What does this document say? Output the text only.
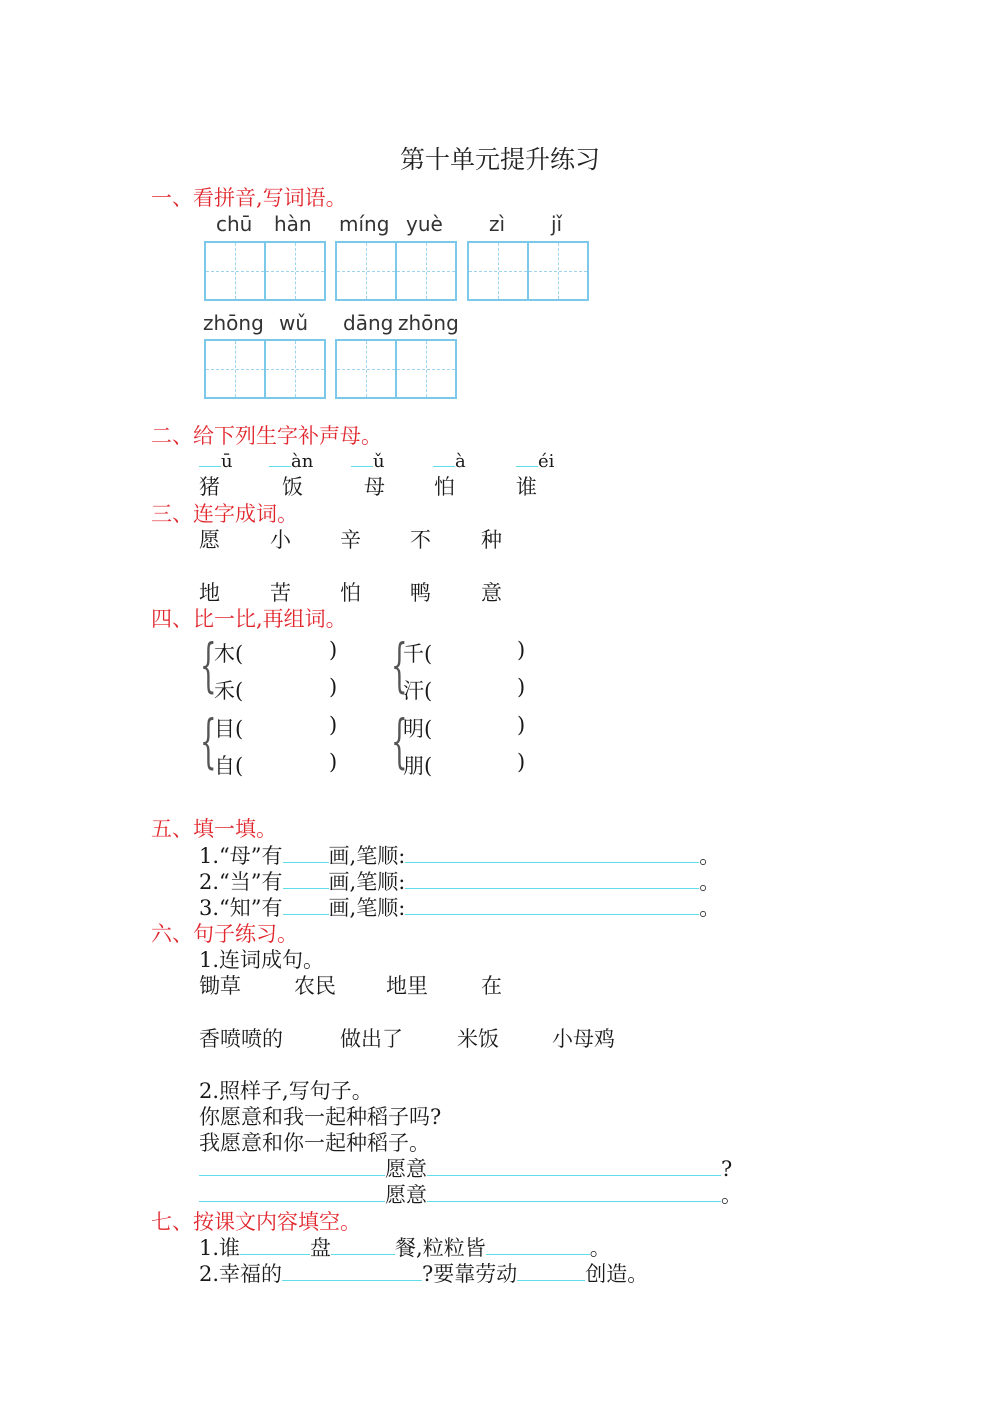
第十单元提升练习
一、看拼音,写词语。
chū hàn míng yuè zì jǐ
zhōng wǔ dāng zhōng
二、给下列生字补声母。
ū	àn	ǔ	à	éi
猪	饭	母 怕	谁
三、连字成词。
愿 小 辛 不 种
地 苦 怕 鸭 意
四、比一比,再组词。
{
木(	)
禾(	) {
千(	)
汗(	)
{
目(	)
自(	) {
明(	)
朋(	)
五、填一填。
1.“母”有 画,笔顺:	。
2.“当”有 画,笔顺:	。
3.“知”有 画,笔顺:	。
六、句子练习。
1.连词成句。
锄草	农民 地里	在
香喷喷的	做出了	米饭	小母鸡
2.照样子,写句子。
你愿意和我一起种稻子吗?
我愿意和你一起种稻子。
愿意	?
愿意	。
七、按课文内容填空。
1.谁	盘	餐,粒粒皆	。
2.幸福的	?要靠劳动	创造。
